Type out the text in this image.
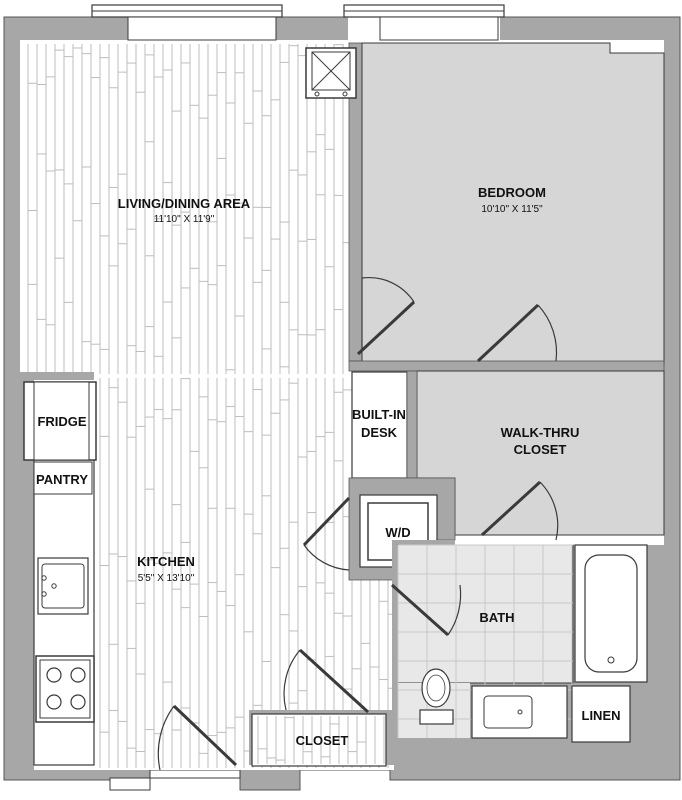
LIVING/DINING AREA
11'10" X 11'9"
BEDROOM
10'10" X 11'5"
KITCHEN
5'5" X 13'10"
BUILT-IN
DESK	WALK-THRU
CLOSET
W/D
BATH
CLOSET
LINEN
FRIDGE
PANTRY
